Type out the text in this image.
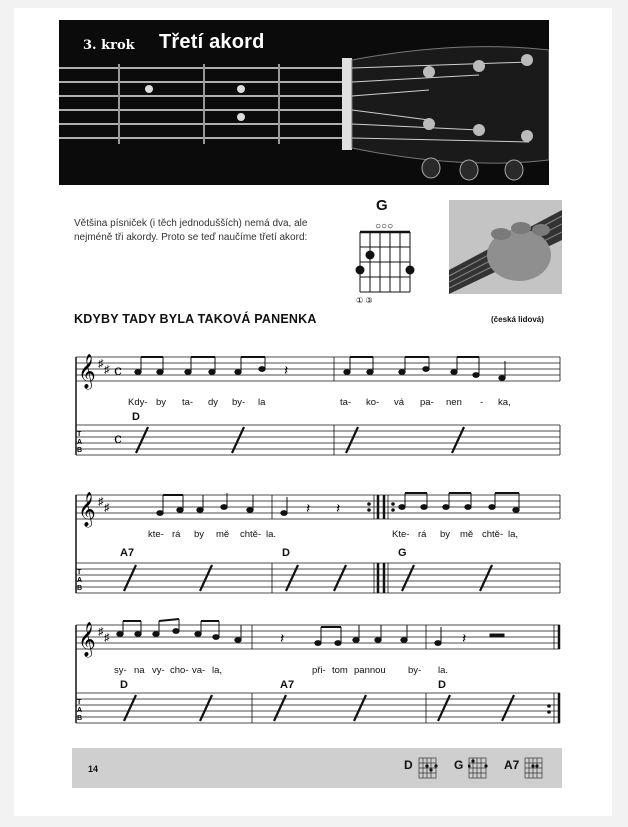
3. krok Třetí akord
Většina písniček (i těch jednodušších) nemá dva, ale nejméně tři akordy. Proto se teď naučíme třetí akord:
G
○○○
① ③
KDYBY TADY BYLA TAKOVÁ PANENKA	(česká lidová)
𝄞 ♯ ♯ c
T
A
B
c
𝄽
Kdy- by ta- dy by- la	ta- ko- vá pa- nen - ka,
D
𝄞 ♯ ♯
T
A
B
𝄽 𝄽
kte- rá by mě chtě- la.	Kte- rá by mě chtě- la,
A7	D	G
𝄞 ♯ ♯
T
A
B
𝄽	𝄽
sy- na vy- cho- va- la,	při- tom pannou by- la.
D	A7	D
14	D	G	A7
